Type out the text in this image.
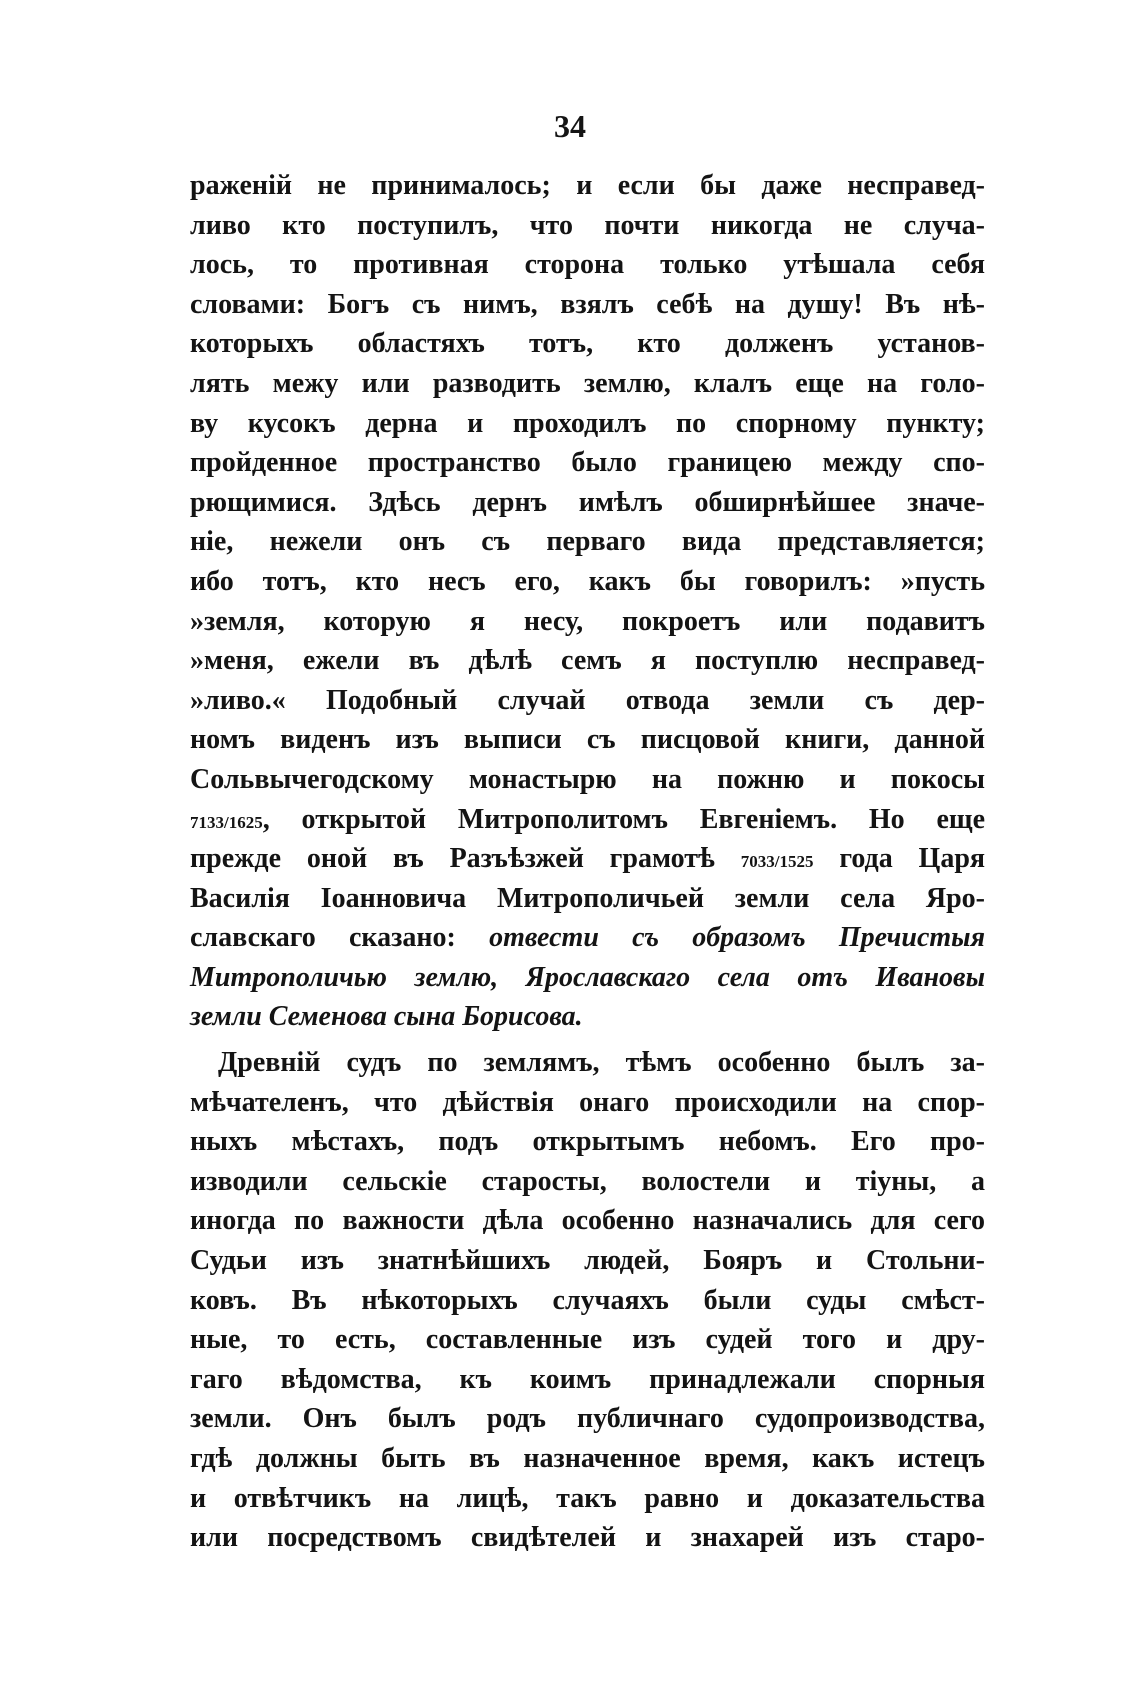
34
раженій не принималось; и если бы даже несправед-
ливо кто поступилъ, что почти никогда не случа-
лось, то противная сторона только утѣшала себя
словами: Богъ съ нимъ, взялъ себѣ на душу! Въ нѣ-
которыхъ областяхъ тотъ, кто долженъ установ-
лять межу или разводить землю, клалъ еще на голо-
ву кусокъ дерна и проходилъ по спорному пункту;
пройденное пространство было границею между спо-
рющимися. Здѣсь дернъ имѣлъ обширнѣйшее значе-
ніе, нежели онъ съ перваго вида представляется;
ибо тотъ, кто несъ его, какъ бы говорилъ: »пусть
»земля, которую я несу, покроетъ или подавитъ
»меня, ежели въ дѣлѣ семъ я поступлю несправед-
»ливо.« Подобный случай отвода земли съ дер-
номъ виденъ изъ выписи съ писцовой книги, данной
Сольвычегодскому монастырю на пожню и покосы
7133/1625, открытой Митрополитомъ Евгеніемъ. Но еще
прежде оной въ Разъѣзжей грамотѣ 7033/1525 года Царя
Василія Іоанновича Митрополичьей земли села Яро-
славскаго сказано: отвести съ образомъ Пречистыя
Митрополичью землю, Ярославскаго села отъ Ивановы
земли Семенова сына Борисова.
Древній судъ по землямъ, тѣмъ особенно былъ за-
мѣчателенъ, что дѣйствія онаго происходили на спор-
ныхъ мѣстахъ, подъ открытымъ небомъ. Его про-
изводили сельскіе старосты, волостели и тіуны, а
иногда по важности дѣла особенно назначались для сего
Судьи изъ знатнѣйшихъ людей, Бояръ и Стольни-
ковъ. Въ нѣкоторыхъ случаяхъ были суды смѣст-
ные, то есть, составленные изъ судей того и дру-
гаго вѣдомства, къ коимъ принадлежали спорныя
земли. Онъ былъ родъ публичнаго судопроизводства,
гдѣ должны быть въ назначенное время, какъ истецъ
и отвѣтчикъ на лицѣ, такъ равно и доказательства
или посредствомъ свидѣтелей и знахарей изъ старо-
